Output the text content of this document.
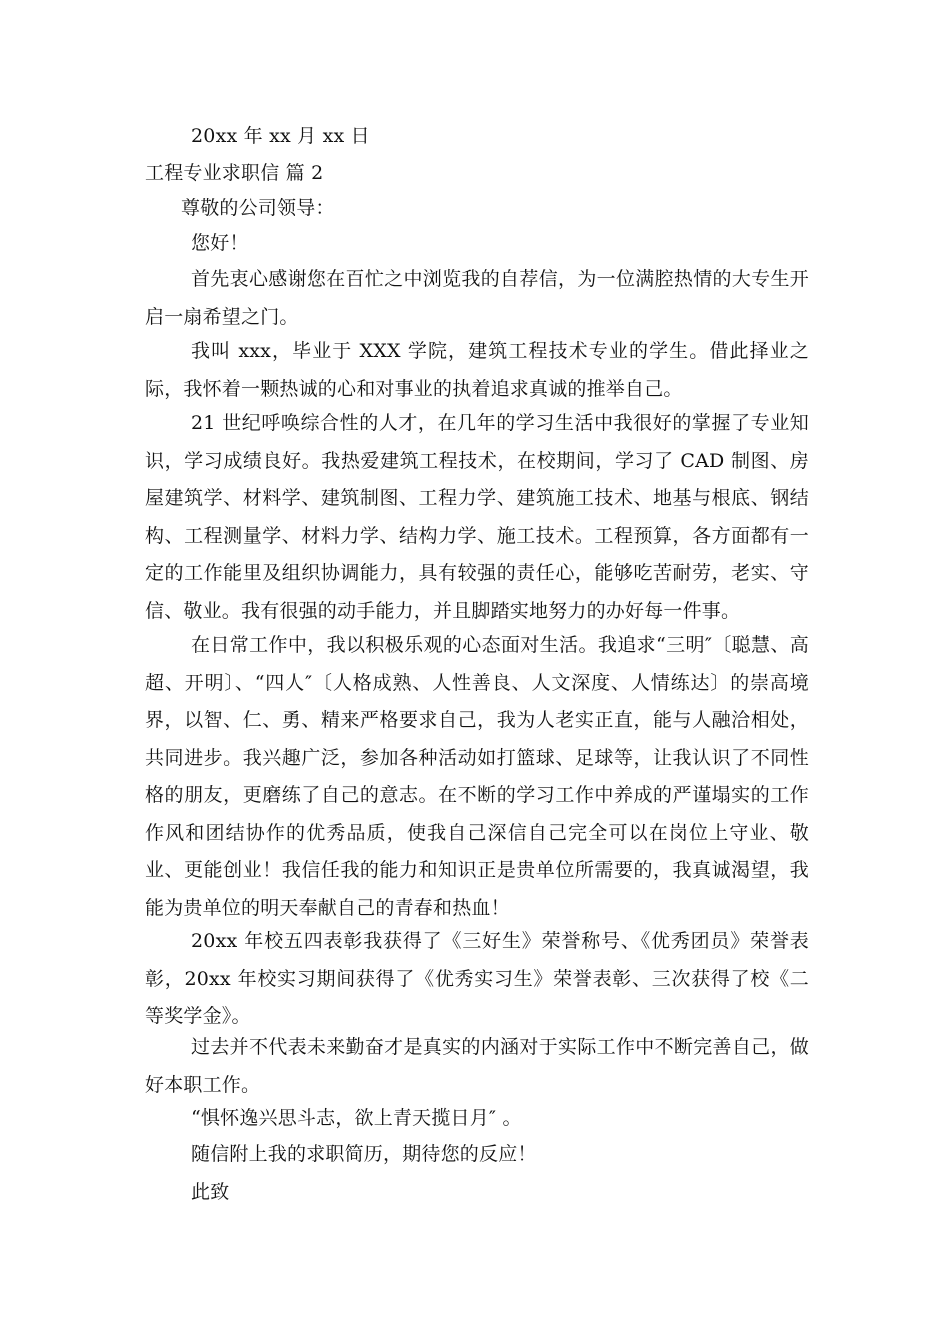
20xx 年 xx 月 xx 日
工程专业求职信 篇 2
尊敬的公司领导：
您好！

首先衷心感谢您在百忙之中浏览我的自荐信，为一位满腔热情的大专生开启一扇希望之门。

我叫 xxx，毕业于 XXX 学院，建筑工程技术专业的学生。借此择业之际，我怀着一颗热诚的心和对事业的执着追求真诚的推举自己。

21 世纪呼唤综合性的人才，在几年的学习生活中我很好的掌握了专业知识，学习成绩良好。我热爱建筑工程技术，在校期间，学习了 CAD 制图、房屋建筑学、材料学、建筑制图、工程力学、建筑施工技术、地基与根底、钢结构、工程测量学、材料力学、结构力学、施工技术。工程预算，各方面都有一定的工作能里及组织协调能力，具有较强的责任心，能够吃苦耐劳，老实、守信、敬业。我有很强的动手能力，并且脚踏实地努力的办好每一件事。

在日常工作中，我以积极乐观的心态面对生活。我追求“三明″〔聪慧、高超、开明〕、“四人″〔人格成熟、人性善良、人文深度、人情练达〕的崇高境界，以智、仁、勇、精来严格要求自己，我为人老实正直，能与人融洽相处，共同进步。我兴趣广泛，参加各种活动如打篮球、足球等，让我认识了不同性格的朋友，更磨练了自己的意志。在不断的学习工作中养成的严谨塌实的工作作风和团结协作的优秀品质，使我自己深信自己完全可以在岗位上守业、敬业、更能创业！我信任我的能力和知识正是贵单位所需要的，我真诚渴望，我能为贵单位的明天奉献自己的青春和热血！

20xx 年校五四表彰我获得了《三好生》荣誉称号、《优秀团员》荣誉表彰，20xx 年校实习期间获得了《优秀实习生》荣誉表彰、三次获得了校《二等奖学金》。

过去并不代表未来勤奋才是真实的内涵对于实际工作中不断完善自己，做好本职工作。

“惧怀逸兴思斗志，欲上青天揽日月″ 。
随信附上我的求职简历，期待您的反应！
此致
